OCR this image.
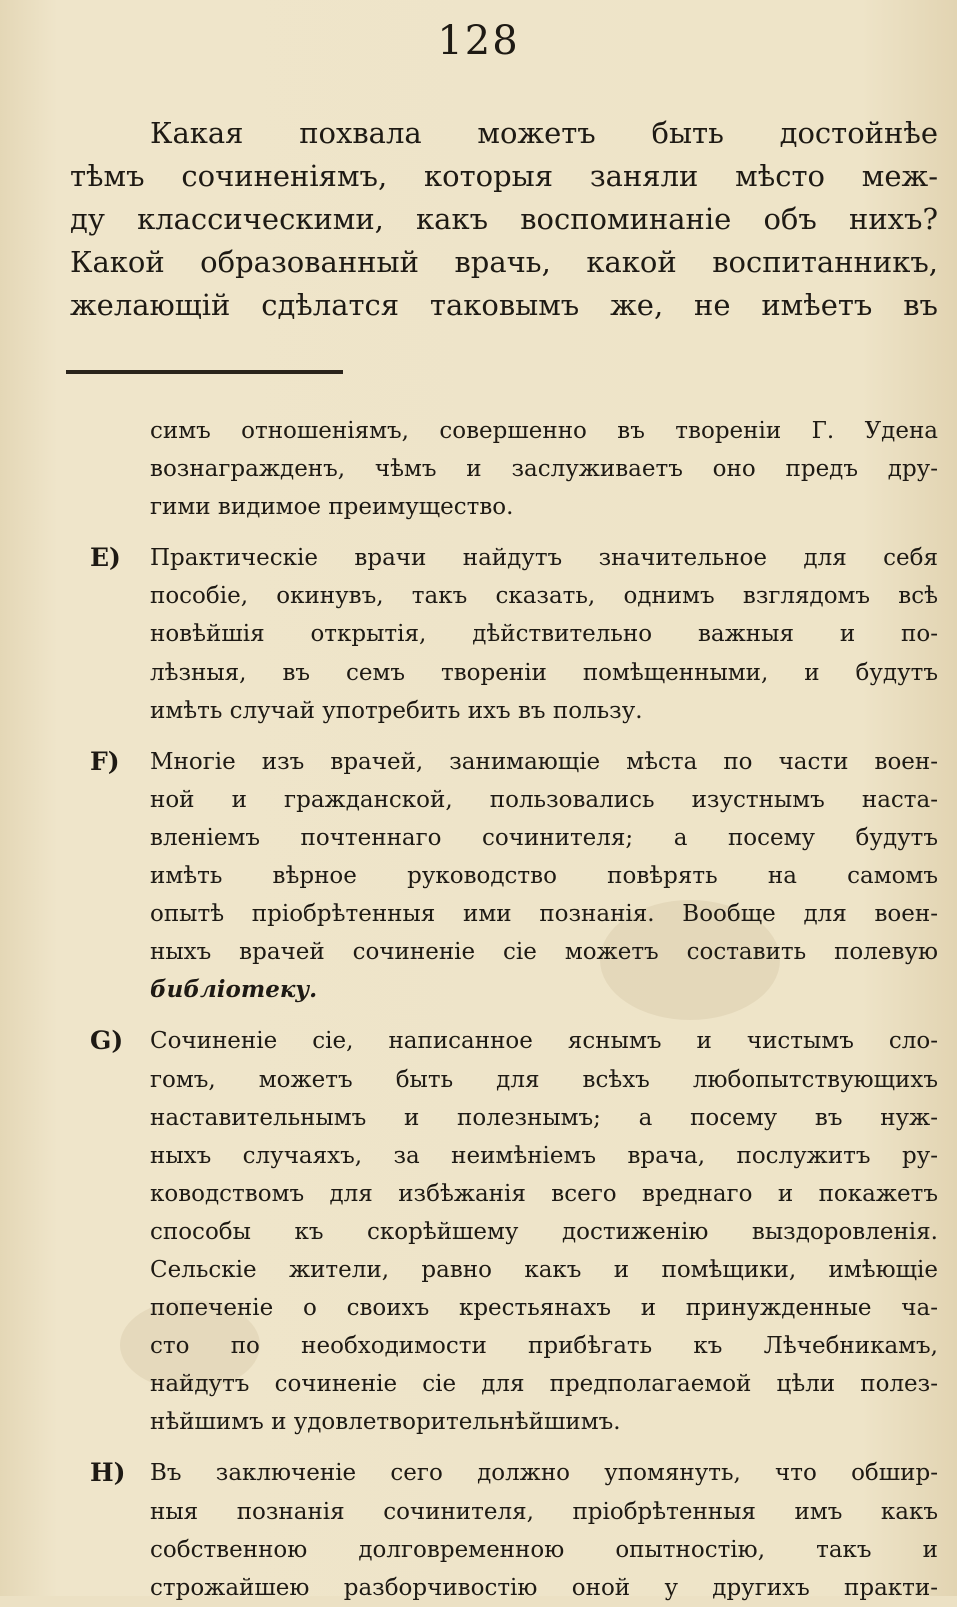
128
Какая похвала можетъ быть достойнѣе
тѣмъ сочиненiямъ, которыя заняли мѣсто меж-
ду классическими, какъ воспоминанiе объ нихъ?
Какой образованный врачь, какой воспитанникъ,
желающiй сдѣлатся таковымъ же, не имѣетъ въ
симъ отношенiямъ, совершенно въ творенiи Г. Удена
вознагражденъ, чѣмъ и заслуживаетъ оно предъ дру-
гими видимое преимущество.
E) Практическiе врачи найдутъ значительное для себя
пособiе, окинувъ, такъ сказать, однимъ взглядомъ всѣ
новѣйшiя открытiя, дѣйствительно важныя и по-
лѣзныя, въ семъ творенiи помѣщенными, и будутъ
имѣть случай употребить ихъ въ пользу.
F) Многiе изъ врачей, занимающiе мѣста по части воен-
ной и гражданской, пользовались изустнымъ наста-
вленiемъ почтеннаго сочинителя; а посему будутъ
имѣть вѣрное руководство повѣрять на самомъ
опытѣ прiобрѣтенныя ими познанiя. Вообще для воен-
ныхъ врачей сочиненiе сiе можетъ составить полевую
библiотеку.
G) Сочиненiе сiе, написанное яснымъ и чистымъ сло-
гомъ, можетъ быть для всѣхъ любопытствующихъ
наставительнымъ и полезнымъ; а посему въ нуж-
ныхъ случаяхъ, за неимѣнiемъ врача, послужитъ ру-
ководствомъ для избѣжанiя всего вреднаго и покажетъ
способы къ скорѣйшему достиженiю выздоровленiя.
Сельскiе жители, равно какъ и помѣщики, имѣющiе
попеченiе о своихъ крестьянахъ и принужденные ча-
сто по необходимости прибѣгать къ Лѣчебникамъ,
найдутъ сочиненiе сiе для предполагаемой цѣли полез-
нѣйшимъ и удовлетворительнѣйшимъ.
H) Въ заключенiе сего должно упомянуть, что обшир-
ныя познанiя сочинителя, прiобрѣтенныя имъ какъ
собственною долговременною опытностiю, такъ и
строжайшею разборчивостiю оной у другихъ практи-
